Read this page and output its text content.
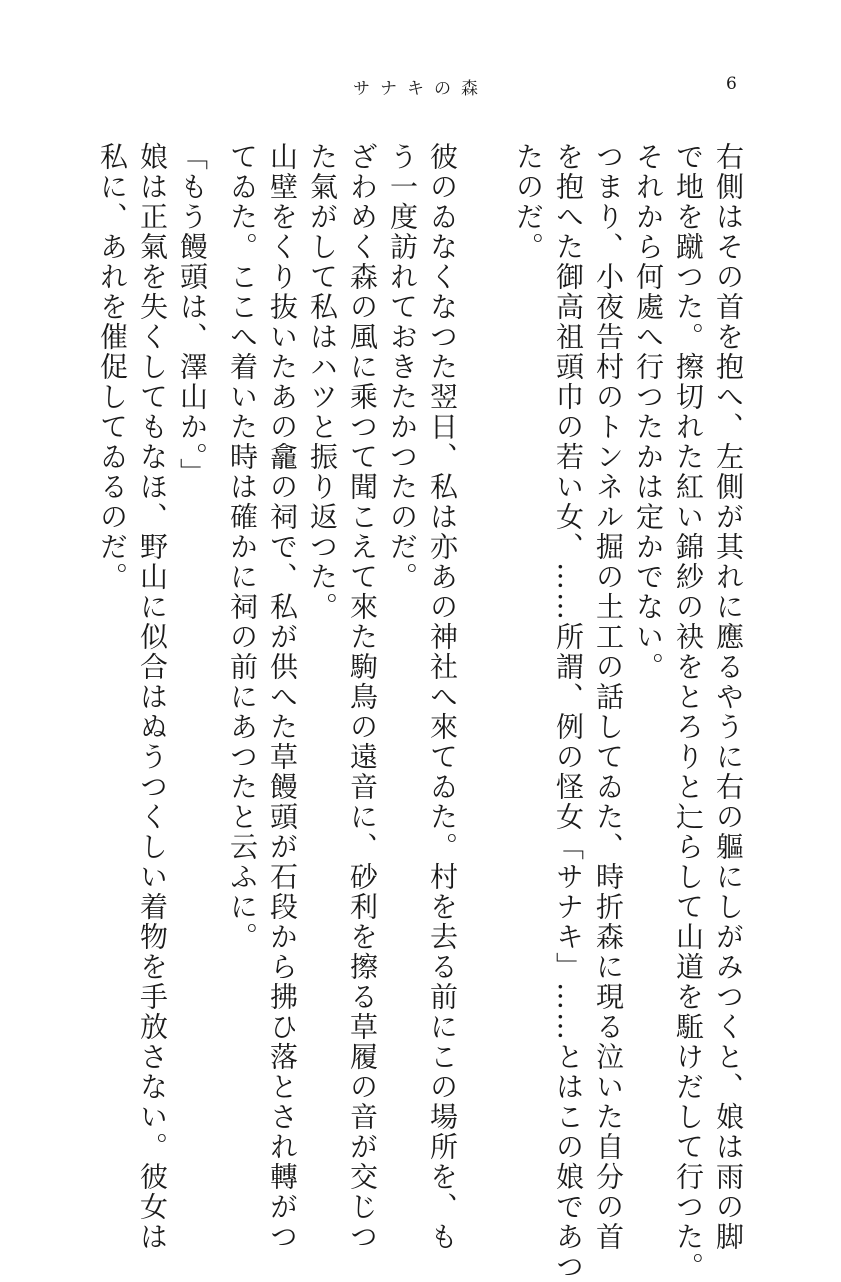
サナキの森	6
右側はその首を抱へ、左側が其れに應るやうに右の軀にしがみつくと、娘は雨の脚
で地を蹴つた。擦切れた紅い錦紗の袂をとろりと辷らして山道を駈けだして行つた。
それから何處へ行つたかは定かでない。
つまり、小夜告村のトンネル掘の土工の話してゐた、時折森に現る泣いた自分の首
を抱へた御高祖頭巾の若い女、……所謂、例の怪女「サナキ」……とはこの娘であつ
たのだ。
彼のゐなくなつた翌日、私は亦あの神社へ來てゐた。村を去る前にこの場所を、も
う一度訪れておきたかつたのだ。
ざわめく森の風に乘つて聞こえて來た駒鳥の遠音に、砂利を擦る草履の音が交じつ
た氣がして私はハツと振り返つた。
山壁をくり抜いたあの龕の祠で、私が供へた草饅頭が石段から拂ひ落とされ轉がつ
てゐた。ここへ着いた時は確かに祠の前にあつたと云ふに。
「もう饅頭は、澤山か。」
娘は正氣を失くしてもなほ、野山に似合はぬうつくしい着物を手放さない。彼女は
私に、あれを催促してゐるのだ。
